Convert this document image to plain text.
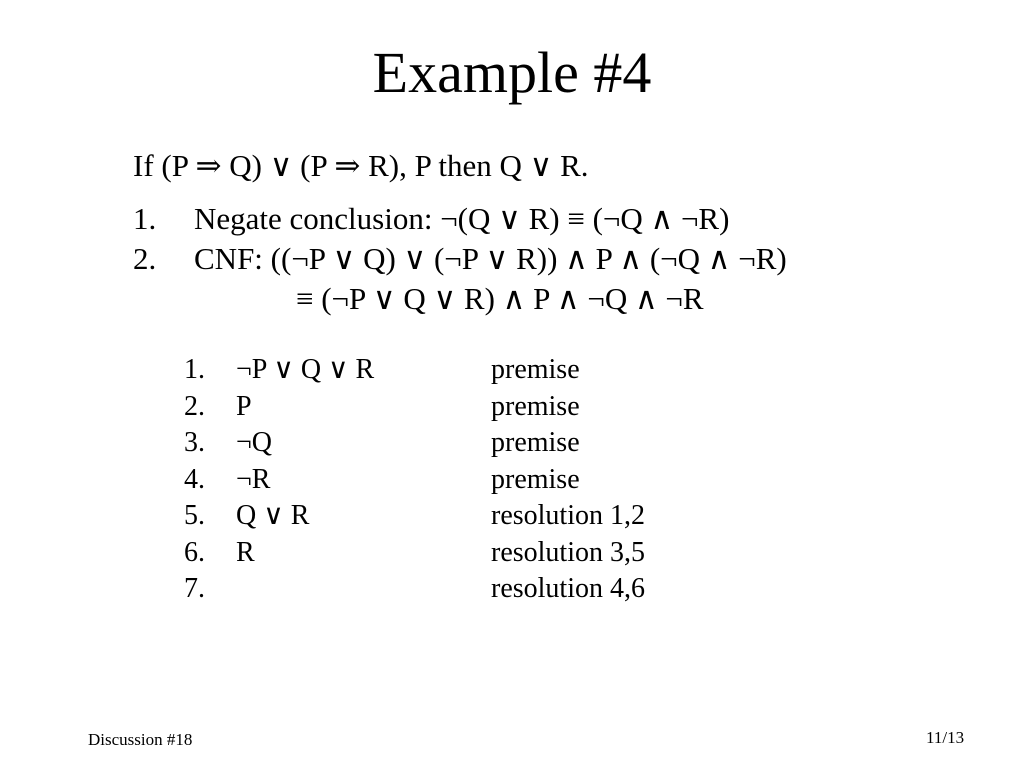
Example #4
If (P ⇒ Q) ∨ (P ⇒ R), P then Q ∨ R.
1. Negate conclusion: ¬(Q ∨ R) ≡ (¬Q ∧ ¬R)
2. CNF: ((¬P ∨ Q) ∨ (¬P ∨ R)) ∧ P ∧ (¬Q ∧ ¬R)
≡ (¬P ∨ Q ∨ R) ∧ P ∧ ¬Q ∧ ¬R
1. ¬P ∨ Q ∨ R	premise
2. P	premise
3. ¬Q	premise
4. ¬R	premise
5. Q ∨ R	resolution 1,2
6. R	resolution 3,5
7.	resolution 4,6
Discussion #18	11/13
